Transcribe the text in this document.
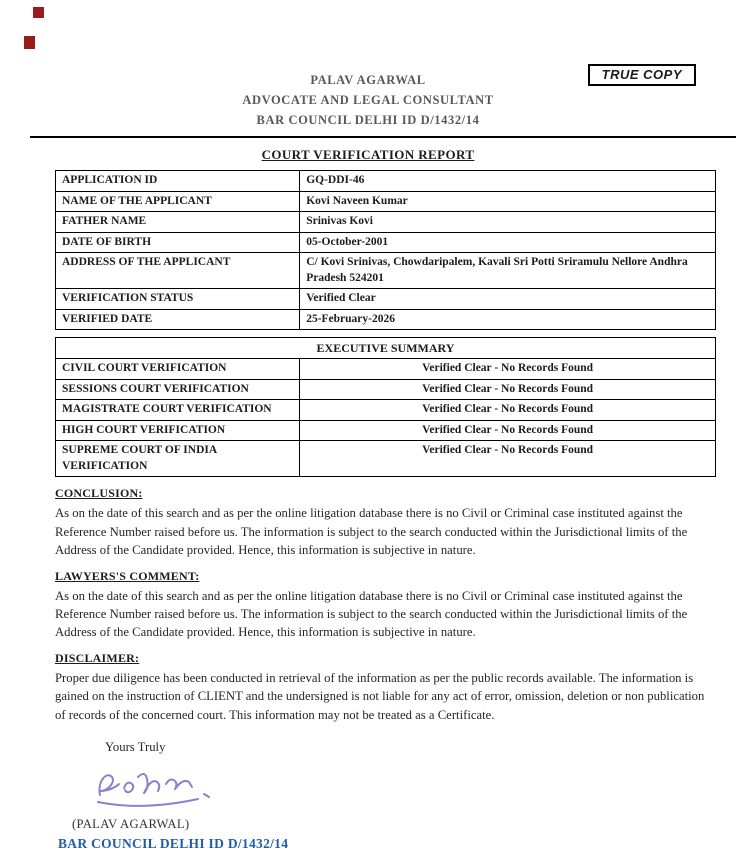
TRUE COPY
PALAV AGARWAL
ADVOCATE AND LEGAL CONSULTANT
BAR COUNCIL DELHI ID D/1432/14
COURT VERIFICATION REPORT
APPLICATION ID	GQ-DDI-46
NAME OF THE APPLICANT	Kovi Naveen Kumar
FATHER NAME	Srinivas Kovi
DATE OF BIRTH	05-October-2001
ADDRESS OF THE APPLICANT	C/ Kovi Srinivas, Chowdaripalem, Kavali Sri Potti Sriramulu Nellore Andhra Pradesh 524201
VERIFICATION STATUS	Verified Clear
VERIFIED DATE	25-February-2026
EXECUTIVE SUMMARY	
CIVIL COURT VERIFICATION	Verified Clear - No Records Found
SESSIONS COURT VERIFICATION	Verified Clear - No Records Found
MAGISTRATE COURT VERIFICATION	Verified Clear - No Records Found
HIGH COURT VERIFICATION	Verified Clear - No Records Found
SUPREME COURT OF INDIA VERIFICATION	Verified Clear - No Records Found
CONCLUSION:

As on the date of this search and as per the online litigation database there is no Civil or Criminal case instituted against the Reference Number raised before us. The information is subject to the search conducted within the Jurisdictional limits of the Address of the Candidate provided. Hence, this information is subjective in nature.

LAWYERS'S COMMENT:

As on the date of this search and as per the online litigation database there is no Civil or Criminal case instituted against the Reference Number raised before us. The information is subject to the search conducted within the Jurisdictional limits of the Address of the Candidate provided. Hence, this information is subjective in nature.

DISCLAIMER:

Proper due diligence has been conducted in retrieval of the information as per the public records available. The information is gained on the instruction of CLIENT and the undersigned is not liable for any act of error, omission, deletion or non publication of records of the concerned court. This information may not be treated as a Certificate.

Yours Truly
(PALAV AGARWAL)
BAR COUNCIL DELHI ID D/1432/14
